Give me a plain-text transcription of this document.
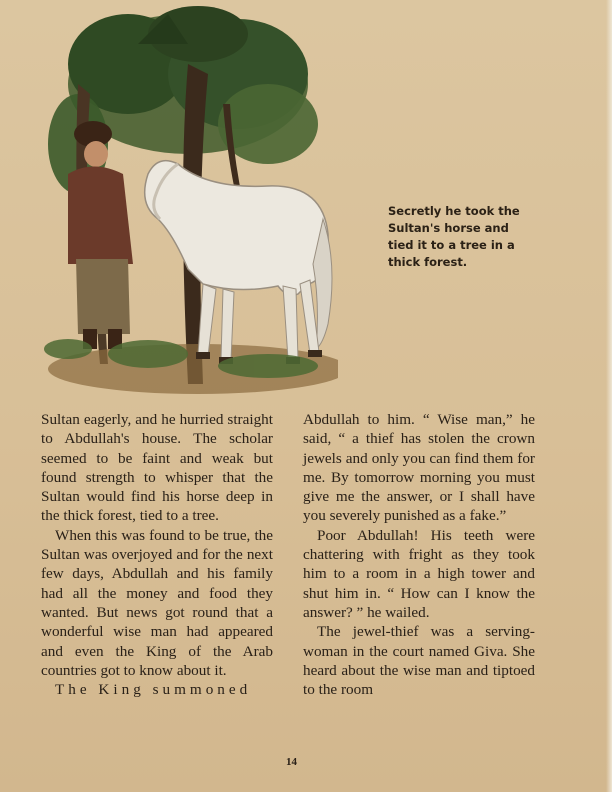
Secretly he took the Sultan's horse and tied it to a tree in a thick forest.

Sultan eagerly, and he hurried straight to Abdullah's house. The scholar seemed to be faint and weak but found strength to whisper that the Sultan would find his horse deep in the thick forest, tied to a tree.

When this was found to be true, the Sultan was overjoyed and for the next few days, Abdullah and his family had all the money and food they wanted. But news got round that a wonderful wise man had appeared and even the King of the Arab countries got to know about it.

The King summoned

Abdullah to him. “ Wise man,” he said, “ a thief has stolen the crown jewels and only you can find them for me. By tomorrow morning you must give me the answer, or I shall have you severely punished as a fake.”

Poor Abdullah! His teeth were chattering with fright as they took him to a room in a high tower and shut him in. “ How can I know the answer? ” he wailed.

The jewel-thief was a serving-woman in the court named Giva. She heard about the wise man and tiptoed to the room

14
